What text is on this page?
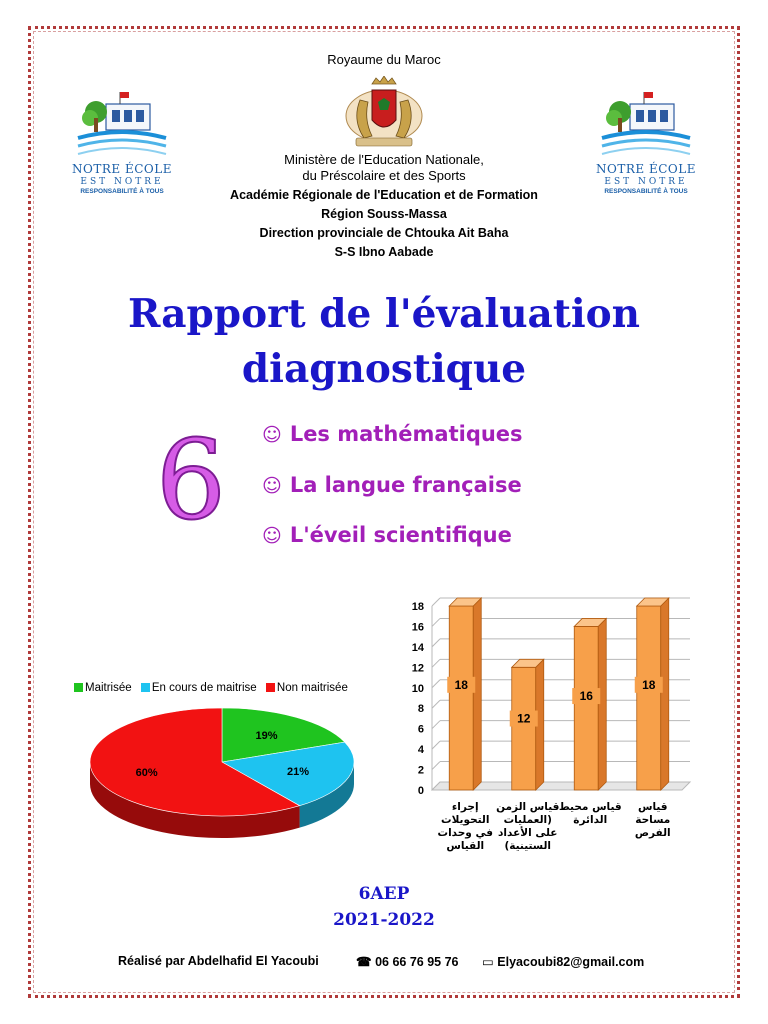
Royaume du Maroc
Ministère de l'Education Nationale,
du Préscolaire et des Sports
Académie Régionale de l'Education et de Formation
Région Souss-Massa
Direction provinciale de Chtouka Ait Baha
S-S Ibno Aabade
NOTRE ÉCOLE
EST NOTRE
RESPONSABILITÉ À TOUS
NOTRE ÉCOLE
EST NOTRE
RESPONSABILITÉ À TOUS
Rapport de l'évaluation
diagnostique
6 ☺ Les mathématiques
☺ La langue française
☺ L'éveil scientifique
Maitrisée En cours de maitrise Non maitrisée
19%
21%
60%
0
2
4
6
8
10
12
14
16
18
18
إجراء
التحويلات
في وحدات
القياس
12
قياس الزمن
(العمليات
على الأعداد
الستينية)
16
قياس محيط
الدائرة
18
قياس
مساحة
الفرص
6AEP
2021-2022
Réalisé par Abdelhafid El Yacoubi	☎ 06 66 76 95 76 ▭ Elyacoubi82@gmail.com
